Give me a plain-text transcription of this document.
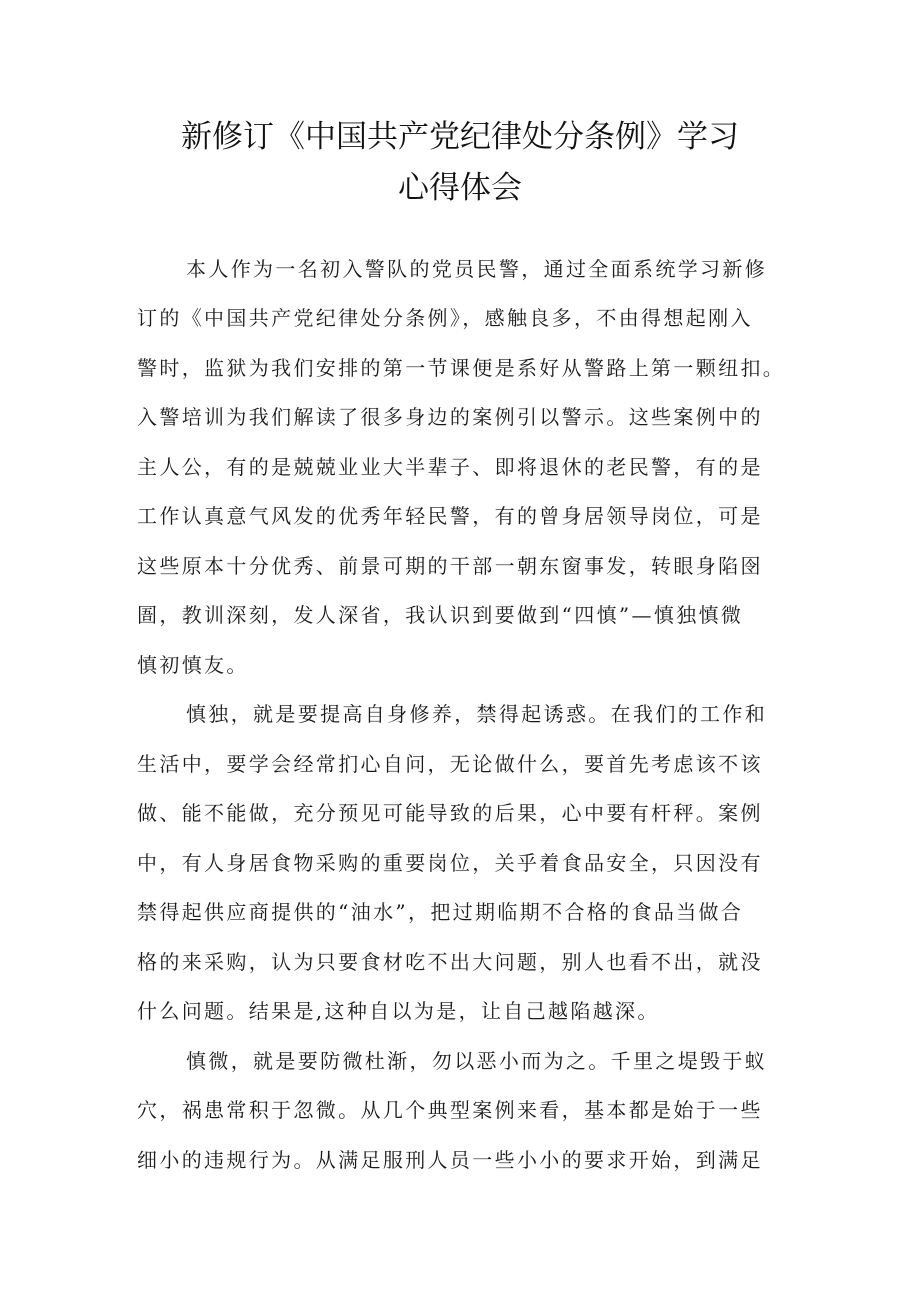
新修订《中国共产党纪律处分条例》学习
心得体会
本人作为一名初入警队的党员民警，通过全面系统学习新修
订的《中国共产党纪律处分条例》，感触良多，不由得想起刚入
警时，监狱为我们安排的第一节课便是系好从警路上第一颗纽扣。
入警培训为我们解读了很多身边的案例引以警示。这些案例中的
主人公，有的是兢兢业业大半辈子、即将退休的老民警，有的是
工作认真意气风发的优秀年轻民警，有的曾身居领导岗位，可是
这些原本十分优秀、前景可期的干部一朝东窗事发，转眼身陷囹
圄，教训深刻，发人深省，我认识到要做到“四慎”—慎独慎微
慎初慎友。
慎独，就是要提高自身修养，禁得起诱惑。在我们的工作和
生活中，要学会经常扪心自问，无论做什么，要首先考虑该不该
做、能不能做，充分预见可能导致的后果，心中要有杆秤。案例
中，有人身居食物采购的重要岗位，关乎着食品安全，只因没有
禁得起供应商提供的“油水”，把过期临期不合格的食品当做合
格的来采购，认为只要食材吃不出大问题，别人也看不出，就没
什么问题。结果是,这种自以为是，让自己越陷越深。
慎微，就是要防微杜渐，勿以恶小而为之。千里之堤毁于蚁
穴，祸患常积于忽微。从几个典型案例来看，基本都是始于一些
细小的违规行为。从满足服刑人员一些小小的要求开始，到满足
